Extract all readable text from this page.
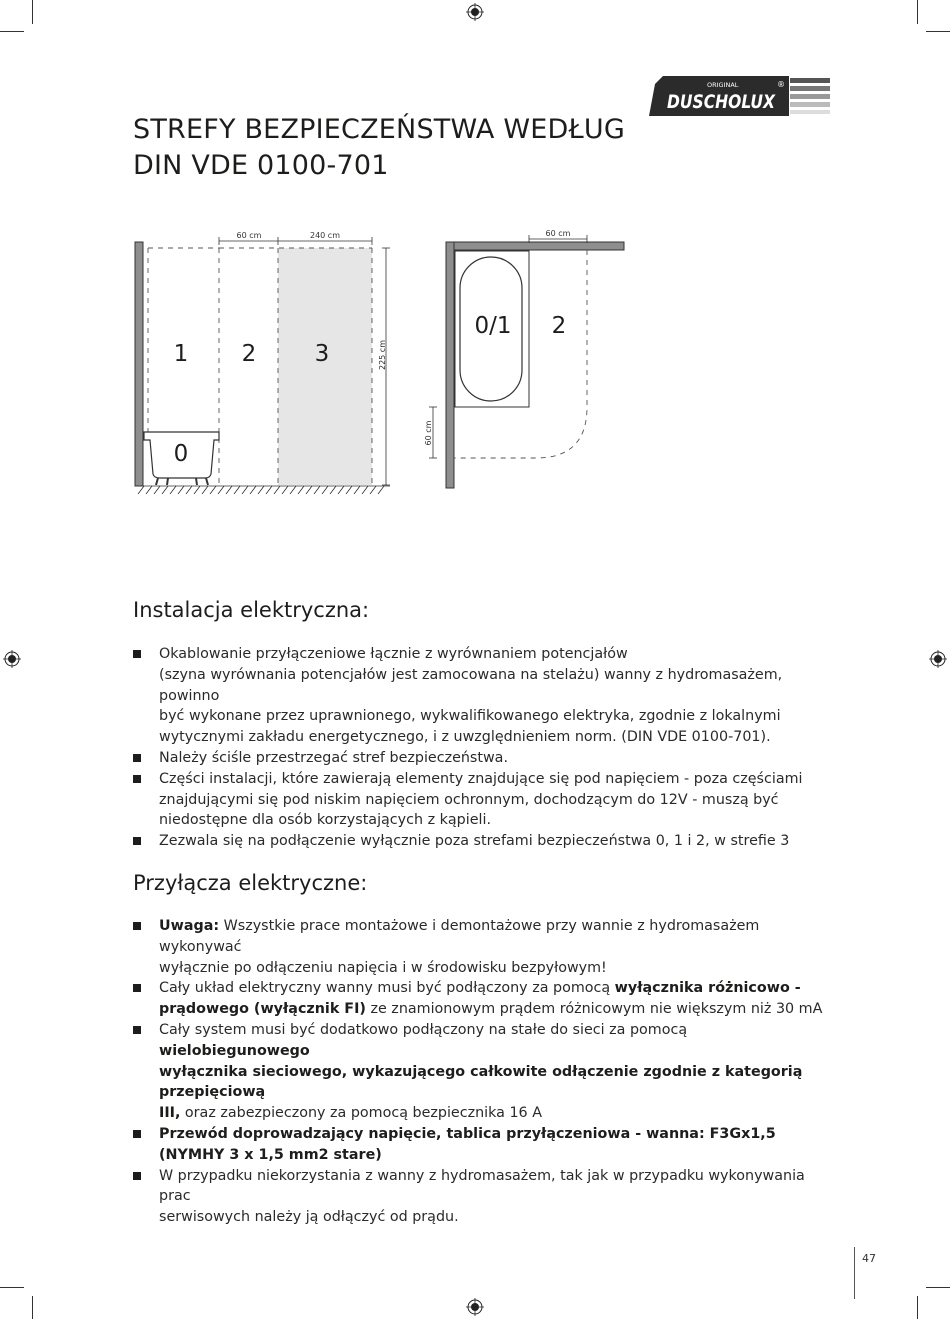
ORIGINAL
DUSCHOLUX
®
STREFY BEZPIECZEŃSTWA WEDŁUG
DIN VDE 0100-701
60 cm	240 cm
225 cm
0
1 2	3
60 cm
60 cm
0/1 2
Instalacja elektryczna:
Okablowanie przyłączeniowe łącznie z wyrównaniem potencjałów
(szyna wyrównania potencjałów jest zamocowana na stelażu) wanny z hydromasażem, powinno
być wykonane przez uprawnionego, wykwalifikowanego elektryka, zgodnie z lokalnymi
wytycznymi zakładu energetycznego, i z uwzględnieniem norm. (DIN VDE 0100-701).
Należy ściśle przestrzegać stref bezpieczeństwa.
Części instalacji, które zawierają elementy znajdujące się pod napięciem - poza częściami
znajdującymi się pod niskim napięciem ochronnym, dochodzącym do 12V - muszą być
niedostępne dla osób korzystających z kąpieli.
Zezwala się na podłączenie wyłącznie poza strefami bezpieczeństwa 0, 1 i 2, w strefie 3
Przyłącza elektryczne:
Uwaga: Wszystkie prace montażowe i demontażowe przy wannie z hydromasażem wykonywać
wyłącznie po odłączeniu napięcia i w środowisku bezpyłowym!
Cały układ elektryczny wanny musi być podłączony za pomocą wyłącznika różnicowo -
prądowego (wyłącznik FI) ze znamionowym prądem różnicowym nie większym niż 30 mA
Cały system musi być dodatkowo podłączony na stałe do sieci za pomocą wielobiegunowego
wyłącznika sieciowego, wykazującego całkowite odłączenie zgodnie z kategorią przepięciową
III, oraz zabezpieczony za pomocą bezpiecznika 16 A
Przewód doprowadzający napięcie, tablica przyłączeniowa - wanna: F3Gx1,5
(NYMHY 3 x 1,5 mm2 stare)
W przypadku niekorzystania z wanny z hydromasażem, tak jak w przypadku wykonywania prac
serwisowych należy ją odłączyć od prądu.
47
